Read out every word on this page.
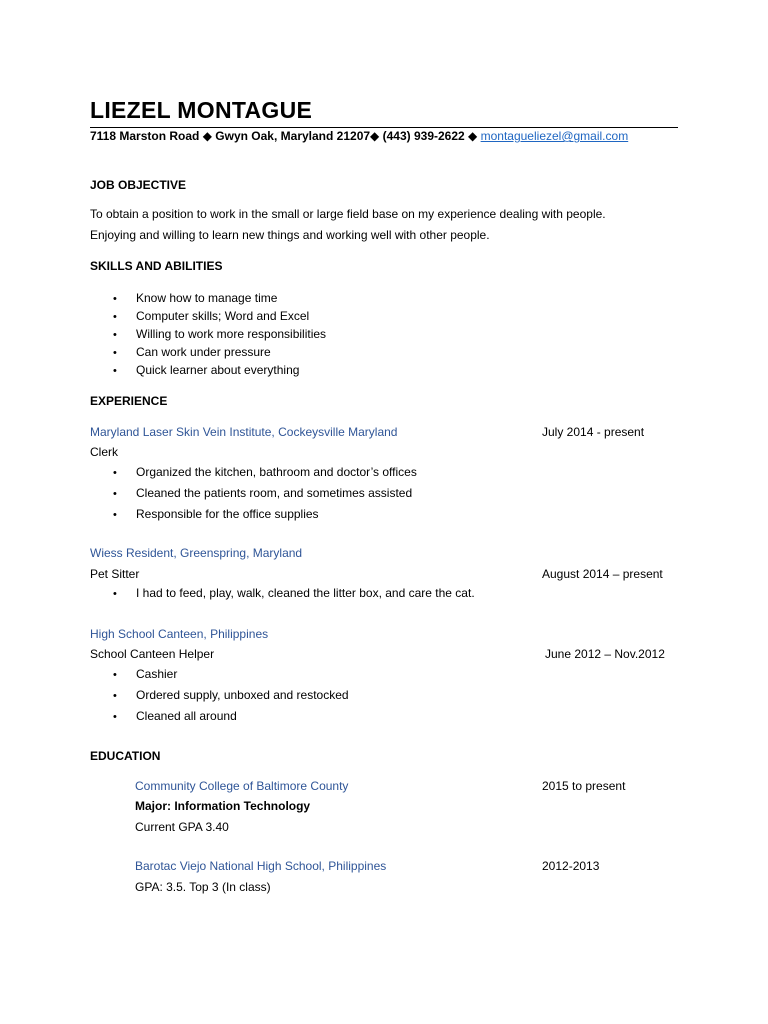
LIEZEL MONTAGUE
7118 Marston Road ◆ Gwyn Oak, Maryland 21207◆ (443) 939-2622 ◆ montagueliezel@gmail.com
JOB OBJECTIVE
To obtain a position to work in the small or large field base on my experience dealing with people.
Enjoying and willing to learn new things and working well with other people.
SKILLS AND ABILITIES
• Know how to manage time
• Computer skills; Word and Excel
• Willing to work more responsibilities
• Can work under pressure
• Quick learner about everything
EXPERIENCE
Maryland Laser Skin Vein Institute, Cockeysville Maryland	July 2014 - present
Clerk
• Organized the kitchen, bathroom and doctor’s offices
• Cleaned the patients room, and sometimes assisted
• Responsible for the office supplies
Wiess Resident, Greenspring, Maryland
Pet Sitter	August 2014 – present
• I had to feed, play, walk, cleaned the litter box, and care the cat.
High School Canteen, Philippines
School Canteen Helper	June 2012 – Nov.2012
• Cashier
• Ordered supply, unboxed and restocked
• Cleaned all around
EDUCATION
Community College of Baltimore County	2015 to present
Major: Information Technology
Current GPA 3.40
Barotac Viejo National High School, Philippines	2012-2013
GPA: 3.5. Top 3 (In class)
